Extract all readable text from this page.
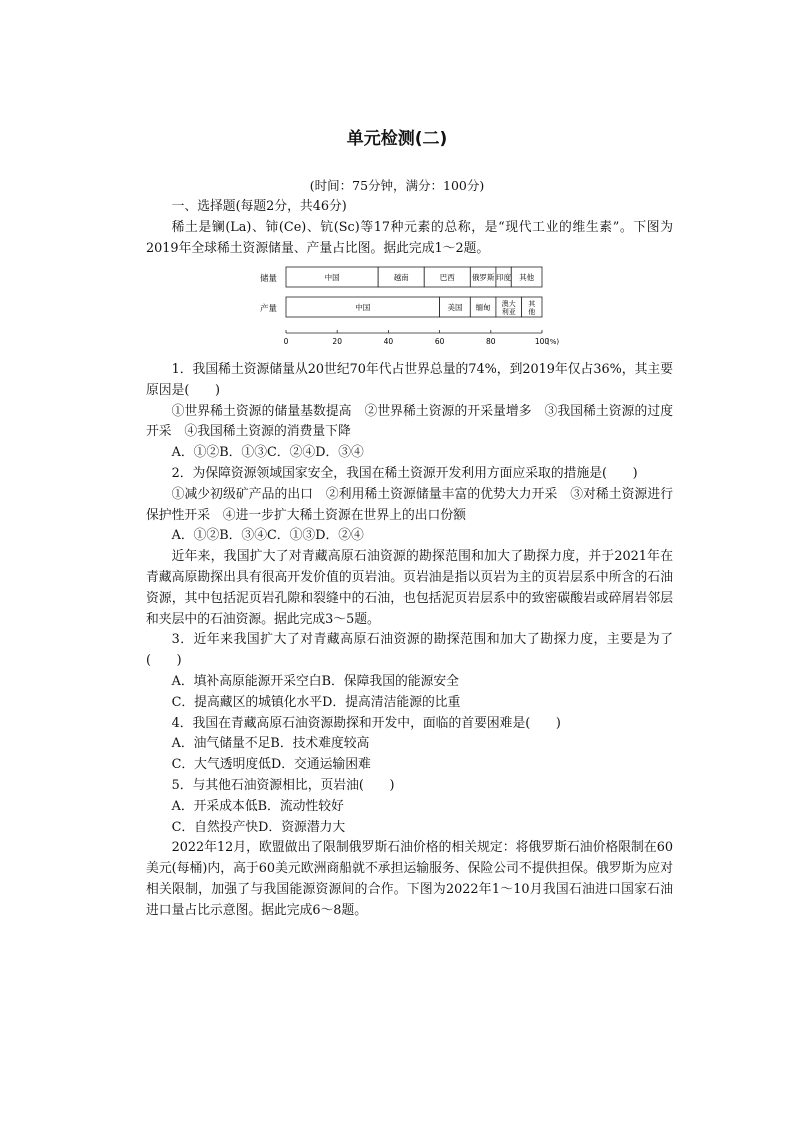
单元检测(二)
(时间：75分钟，满分：100分)

一、选择题(每题2分，共46分)

稀土是镧(La)、铈(Ce)、钪(Sc)等17种元素的总称，是“现代工业的维生素”。下图为2019年全球稀土资源储量、产量占比图。据此完成1～2题。

储量
产量
中国	越南	巴西 俄罗斯 印度 其他
中国	美国 缅甸 澳大
利亚
其
他
0	20	40	60	80	100
(%)

1．我国稀土资源储量从20世纪70年代占世界总量的74%，到2019年仅占36%，其主要原因是(　　)

①世界稀土资源的储量基数提高　②世界稀土资源的开采量增多　③我国稀土资源的过度开采　④我国稀土资源的消费量下降

A．①②B．①③C．②④D．③④

2．为保障资源领域国家安全，我国在稀土资源开发利用方面应采取的措施是(　　)

①减少初级矿产品的出口　②利用稀土资源储量丰富的优势大力开采　③对稀土资源进行保护性开采　④进一步扩大稀土资源在世界上的出口份额

A．①②B．③④C．①③D．②④

近年来，我国扩大了对青藏高原石油资源的勘探范围和加大了勘探力度，并于2021年在青藏高原勘探出具有很高开发价值的页岩油。页岩油是指以页岩为主的页岩层系中所含的石油资源，其中包括泥页岩孔隙和裂缝中的石油，也包括泥页岩层系中的致密碳酸岩或碎屑岩邻层和夹层中的石油资源。据此完成3～5题。

3．近年来我国扩大了对青藏高原石油资源的勘探范围和加大了勘探力度，主要是为了(　　)

A．填补高原能源开采空白B．保障我国的能源安全

C．提高藏区的城镇化水平D．提高清洁能源的比重

4．我国在青藏高原石油资源勘探和开发中，面临的首要困难是(　　)

A．油气储量不足B．技术难度较高

C．大气透明度低D．交通运输困难

5．与其他石油资源相比，页岩油(　　)

A．开采成本低B．流动性较好

C．自然投产快D．资源潜力大

2022年12月，欧盟做出了限制俄罗斯石油价格的相关规定：将俄罗斯石油价格限制在60美元(每桶)内，高于60美元欧洲商船就不承担运输服务、保险公司不提供担保。俄罗斯为应对相关限制，加强了与我国能源资源间的合作。下图为2022年1～10月我国石油进口国家石油进口量占比示意图。据此完成6～8题。
